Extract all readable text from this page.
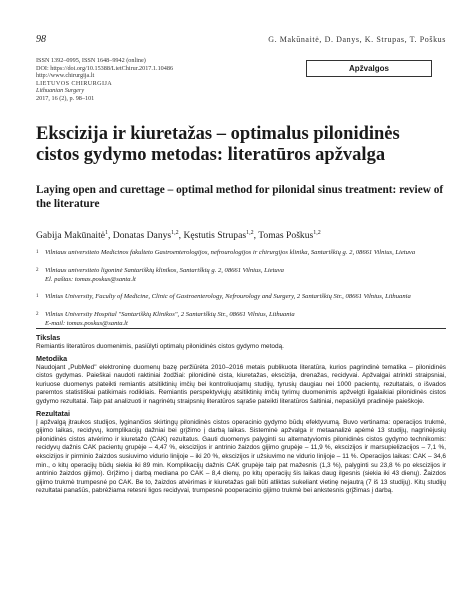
98	G. Makūnaitė, D. Danys, K. Strupas, T. Poškus
ISSN 1392–0995, ISSN 1648–9942 (online)
DOI: https://doi.org/10.15388/LietChirur.2017.1.10486
http://www.chirurgija.lt
LIETUVOS CHIRURGIJA
Lithuanian Surgery
2017, 16 (2), p. 98–101
Apžvalgos
Ekscizija ir kiuretažas – optimalus pilonidinės cistos gydymo metodas: literatūros apžvalga
Laying open and curettage – optimal method for pilonidal sinus treatment: review of the literature
Gabija Makūnaitė$^1$, Donatas Danys$^{1,2}$, Kęstutis Strupas$^{1,2}$, Tomas Poškus$^{1,2}$
1 Vilniaus universiteto Medicinos fakulteto Gastroenterologijos, nefrourologijos ir chirurgijos klinika, Santariškių g. 2, 08661 Vilnius, Lietuva
2 Vilniaus universiteto ligoninė Santariškių klinikos, Santariškių g. 2, 08661 Vilnius, Lietuva
El. paštas: tomas.poskus@santa.lt
1 Vilnius University, Faculty of Medicine, Clinic of Gastroenterology, Nefrourology and Surgery, 2 Santariškių Str., 08661 Vilnius, Lithuania
2 Vilnius University Hospital "Santariškių Klinikos", 2 Santariškių Str., 08661 Vilnius, Lithuania
E-mail: tomas.poskus@santa.lt
Tikslas
Remiantis literatūros duomenimis, pasiūlyti optimalų pilonidinės cistos gydymo metodą.
Metodika
Naudojant „PubMed" elektroninę duomenų bazę peržiūrėta 2010–2016 metais publikuota literatūra, kurios pagrindinė tematika – pilonidinės cistos gydymas. Paieškai naudoti raktiniai žodžiai: pilonidinė cista, kiuretažas, ekscizija, drenažas, recidyvai. Apžvalgai atrinkti straipsniai, kuriuose duomenys pateikti remiantis atsitiktinių imčių bei kontroliuojamų studijų, tyrusių daugiau nei 1000 pacientų, rezultatais, o išvados paremtos statistiškai patikimais rodikliais. Remiantis perspektyviųjų atsitiktinių imčių tyrimų duomenimis apžvelgti ilgalaikiai pilonidinės cistos gydymo rezultatai. Taip pat analizuoti ir nagrinėtų straipsnių literatūros sąraše pateikti literatūros šaltiniai, nepasiūlyti pradinėje paieškoje.
Rezultatai
Į apžvalgą įtraukos studijos, lyginančios skirtingų pilonidinės cistos operacinio gydymo būdų efektyvumą. Buvo vertinama: operacijos trukmė, gijimo laikas, recidyvų, komplikacijų dažniai bei grįžimo į darbą laikas. Sisteminė apžvalga ir metaanalizė apėmė 13 studijų, nagrinėjusių pilonidinės cistos atvėrimo ir kiuretažo (CAK) rezultatus. Gauti duomenys palyginti su alternatyviomis pilonidinės cistos gydymo technikomis: recidyvų dažnis CAK pacientų grupėje – 4,47 %, ekscizijos ir antrinio žaizdos gijimo grupėje – 11,9 %, ekscizijos ir marsupielizacijos – 7,1 %, ekscizijos ir pirminio žaizdos susiuvimo vidurio linijoje – iki 20 %, ekscizijos ir užsiuvimo ne vidurio linijoje – 11 %. Operacijos laikas: CAK – 34,6 min., o kitų operacijų būdų siekia iki 89 min. Komplikacijų dažnis CAK grupėje taip pat mažesnis (1,3 %), palyginti su 23,8 % po ekscizijos ir antrinio žaizdos gijimo). Grįžimo į darbą mediana po CAK – 8,4 dienų, po kitų operacijų šis laikas daug ilgesnis (siekia iki 43 dienų). Žaizdos gijimo trukmė trumpesnė po CAK. Be to, žaizdos atvėrimas ir kiuretažas gali būti atliktas sukeliant vietinę nejautrą (7 iš 13 studijų). Kitų studijų rezultatai panašūs, pabrėžiama retesni ligos recidyvai, trumpesnė pooperacinio gijimo trukmė bei ankstesnis grįžimas į darbą.
